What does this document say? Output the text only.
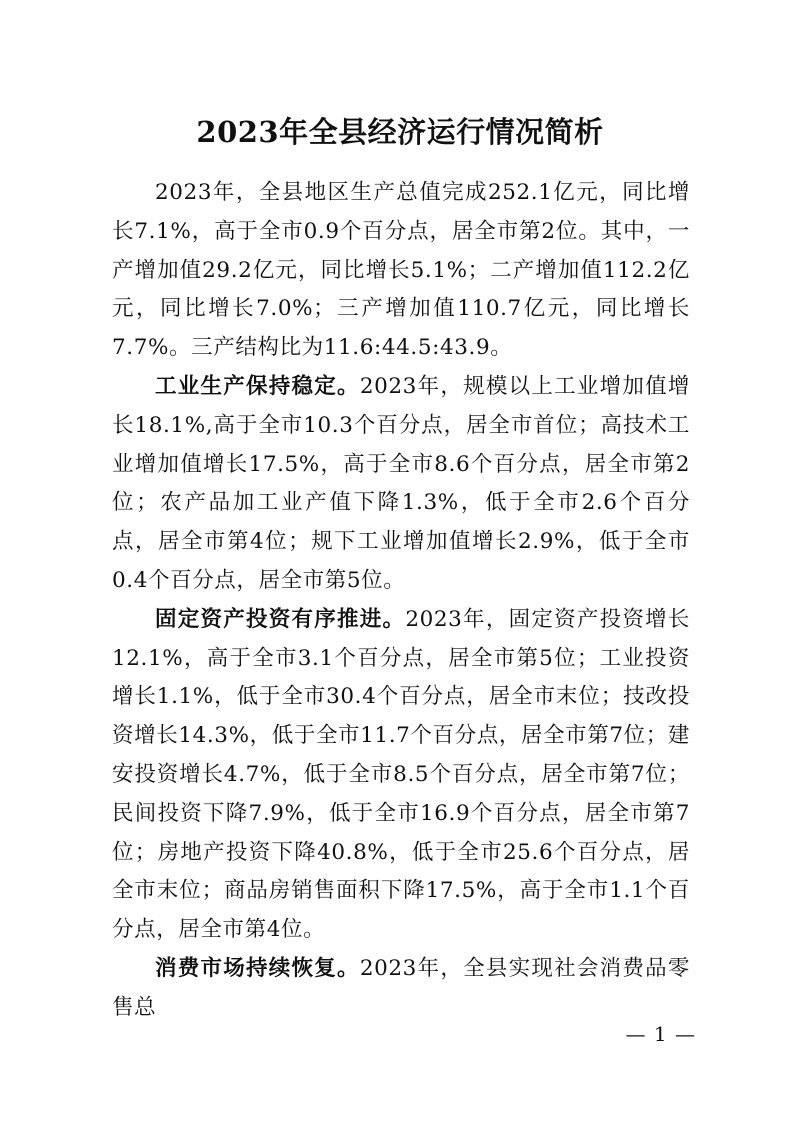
2023年全县经济运行情况简析

2023年，全县地区生产总值完成252.1亿元，同比增长7.1%，高于全市0.9个百分点，居全市第2位。其中，一产增加值29.2亿元，同比增长5.1%；二产增加值112.2亿元，同比增长7.0%；三产增加值110.7亿元，同比增长7.7%。三产结构比为11.6:44.5:43.9。

工业生产保持稳定。2023年，规模以上工业增加值增长18.1%,高于全市10.3个百分点，居全市首位；高技术工业增加值增长17.5%，高于全市8.6个百分点，居全市第2位；农产品加工业产值下降1.3%，低于全市2.6个百分点，居全市第4位；规下工业增加值增长2.9%，低于全市0.4个百分点，居全市第5位。

固定资产投资有序推进。2023年，固定资产投资增长12.1%，高于全市3.1个百分点，居全市第5位；工业投资增长1.1%，低于全市30.4个百分点，居全市末位；技改投资增长14.3%，低于全市11.7个百分点，居全市第7位；建安投资增长4.7%，低于全市8.5个百分点，居全市第7位；民间投资下降7.9%，低于全市16.9个百分点，居全市第7位；房地产投资下降40.8%，低于全市25.6个百分点，居全市末位；商品房销售面积下降17.5%，高于全市1.1个百分点，居全市第4位。

消费市场持续恢复。2023年，全县实现社会消费品零售总

— 1 —
